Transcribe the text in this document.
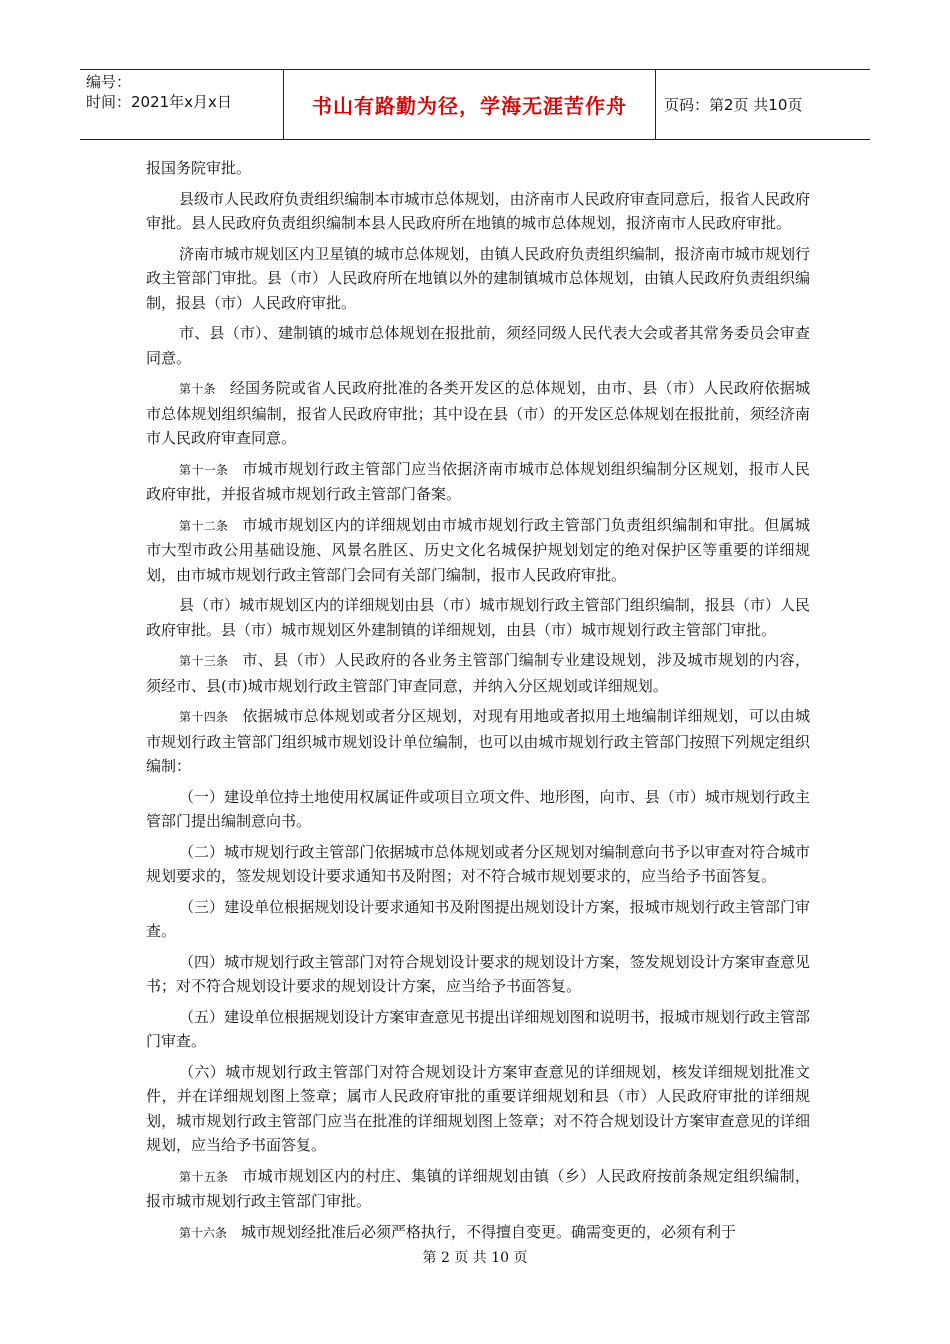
编号：
时间：2021年x月x日	书山有路勤为径，学海无涯苦作舟 页码：第2页 共10页

报国务院审批。

县级市人民政府负责组织编制本市城市总体规划，由济南市人民政府审查同意后，报省人民政府审批。县人民政府负责组织编制本县人民政府所在地镇的城市总体规划，报济南市人民政府审批。

济南市城市规划区内卫星镇的城市总体规划，由镇人民政府负责组织编制，报济南市城市规划行政主管部门审批。县（市）人民政府所在地镇以外的建制镇城市总体规划，由镇人民政府负责组织编制，报县（市）人民政府审批。

市、县（市）、建制镇的城市总体规划在报批前，须经同级人民代表大会或者其常务委员会审查同意。

第十条 经国务院或省人民政府批准的各类开发区的总体规划，由市、县（市）人民政府依据城市总体规划组织编制，报省人民政府审批；其中设在县（市）的开发区总体规划在报批前，须经济南市人民政府审查同意。

第十一条 市城市规划行政主管部门应当依据济南市城市总体规划组织编制分区规划，报市人民政府审批，并报省城市规划行政主管部门备案。

第十二条 市城市规划区内的详细规划由市城市规划行政主管部门负责组织编制和审批。但属城市大型市政公用基础设施、风景名胜区、历史文化名城保护规划划定的绝对保护区等重要的详细规划，由市城市规划行政主管部门会同有关部门编制，报市人民政府审批。

县（市）城市规划区内的详细规划由县（市）城市规划行政主管部门组织编制，报县（市）人民政府审批。县（市）城市规划区外建制镇的详细规划，由县（市）城市规划行政主管部门审批。

第十三条 市、县（市）人民政府的各业务主管部门编制专业建设规划，涉及城市规划的内容，须经市、县(市)城市规划行政主管部门审查同意，并纳入分区规划或详细规划。

第十四条 依据城市总体规划或者分区规划，对现有用地或者拟用土地编制详细规划，可以由城市规划行政主管部门组织城市规划设计单位编制，也可以由城市规划行政主管部门按照下列规定组织编制：

（一）建设单位持土地使用权属证件或项目立项文件、地形图，向市、县（市）城市规划行政主管部门提出编制意向书。

（二）城市规划行政主管部门依据城市总体规划或者分区规划对编制意向书予以审查对符合城市规划要求的，签发规划设计要求通知书及附图；对不符合城市规划要求的，应当给予书面答复。

（三）建设单位根据规划设计要求通知书及附图提出规划设计方案，报城市规划行政主管部门审查。

（四）城市规划行政主管部门对符合规划设计要求的规划设计方案，签发规划设计方案审查意见书；对不符合规划设计要求的规划设计方案，应当给予书面答复。

（五）建设单位根据规划设计方案审查意见书提出详细规划图和说明书，报城市规划行政主管部门审查。

（六）城市规划行政主管部门对符合规划设计方案审查意见的详细规划，核发详细规划批准文件，并在详细规划图上签章；属市人民政府审批的重要详细规划和县（市）人民政府审批的详细规划，城市规划行政主管部门应当在批准的详细规划图上签章；对不符合规划设计方案审查意见的详细规划，应当给予书面答复。

第十五条 市城市规划区内的村庄、集镇的详细规划由镇（乡）人民政府按前条规定组织编制，报市城市规划行政主管部门审批。

第十六条 城市规划经批准后必须严格执行，不得擅自变更。确需变更的，必须有利于

第 2 页 共 10 页
